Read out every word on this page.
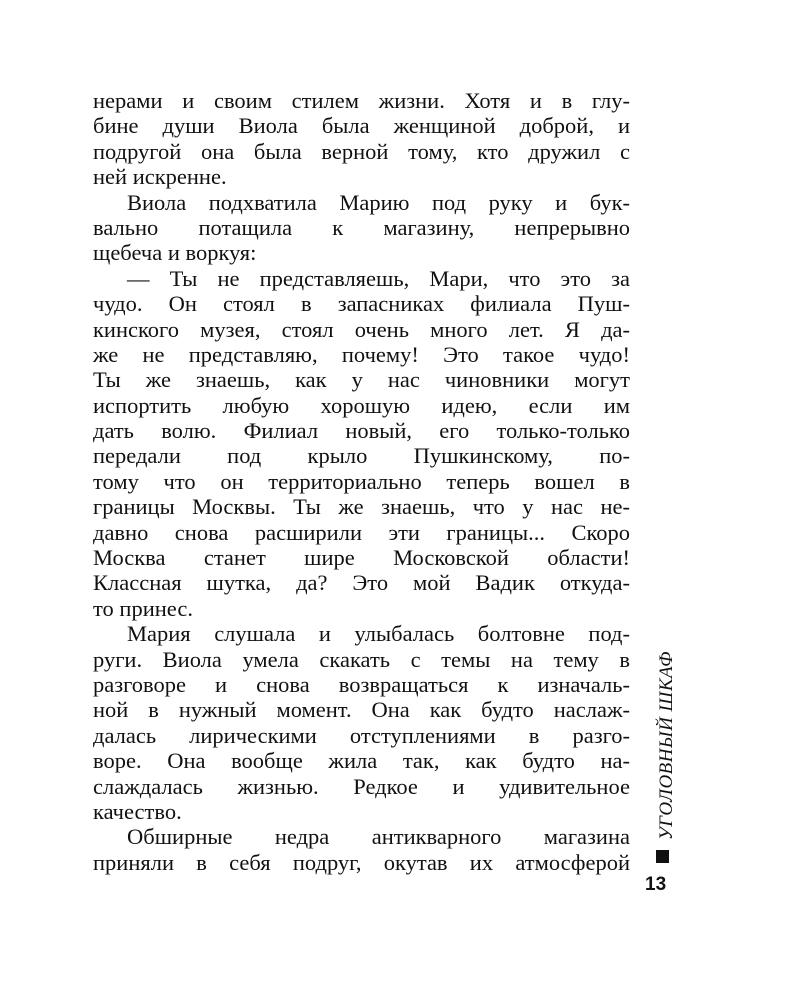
нерами и своим стилем жизни. Хотя и в глу-
бине души Виола была женщиной доброй, и
подругой она была верной тому, кто дружил с
ней искренне.
Виола подхватила Марию под руку и бук-
вально потащила к магазину, непрерывно
щебеча и воркуя:
— Ты не представляешь, Мари, что это за
чудо. Он стоял в запасниках филиала Пуш-
кинского музея, стоял очень много лет. Я да-
же не представляю, почему! Это такое чудо!
Ты же знаешь, как у нас чиновники могут
испортить любую хорошую идею, если им
дать волю. Филиал новый, его только-только
передали под крыло Пушкинскому, по-
тому что он территориально теперь вошел в
границы Москвы. Ты же знаешь, что у нас не-
давно снова расширили эти границы... Скоро
Москва станет шире Московской области!
Классная шутка, да? Это мой Вадик откуда-
то принес.
Мария слушала и улыбалась болтовне под-
руги. Виола умела скакать с темы на тему в
разговоре и снова возвращаться к изначаль-
ной в нужный момент. Она как будто наслаж-
далась лирическими отступлениями в разго-
воре. Она вообще жила так, как будто на-
слаждалась жизнью. Редкое и удивительное
качество.
Обширные недра антикварного магазина
приняли в себя подруг, окутав их атмосферой
УГОЛОВНЫЙ ШКАФ
13
